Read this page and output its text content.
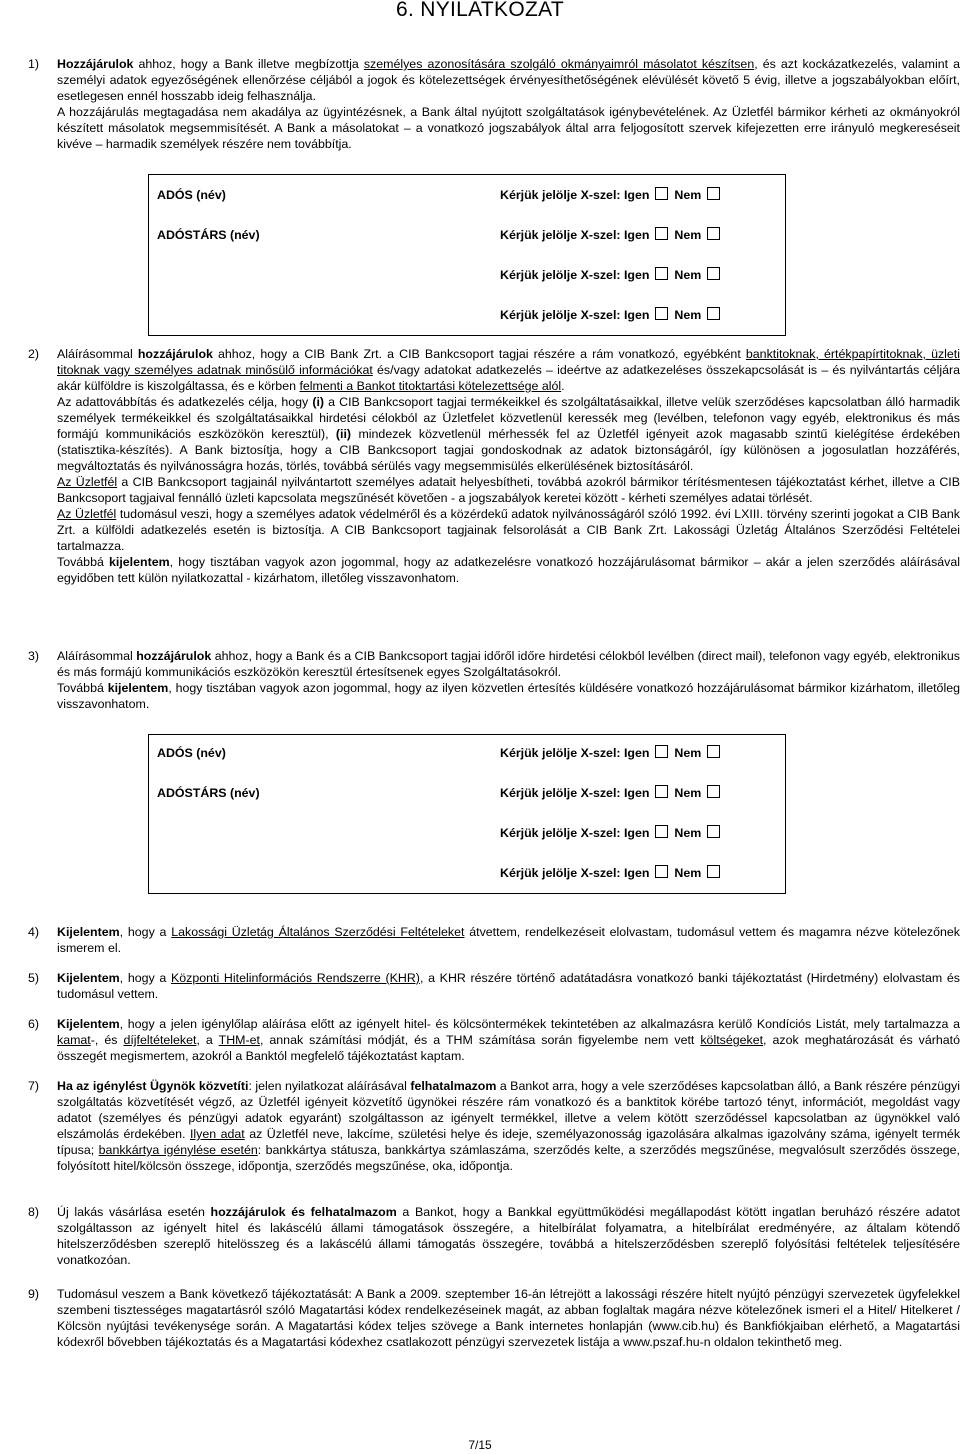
6. NYILATKOZAT
1) Hozzájárulok ahhoz, hogy a Bank illetve megbízottja személyes azonosítására szolgáló okmányaimról másolatot készítsen, és azt kockázatkezelés, valamint a személyi adatok egyezőségének ellenőrzése céljából a jogok és kötelezettségek érvényesíthetőségének elévülését követő 5 évig, illetve a jogszabályokban előírt, esetlegesen ennél hosszabb ideig felhasználja.

A hozzájárulás megtagadása nem akadálya az ügyintézésnek, a Bank által nyújtott szolgáltatások igénybevételének. Az Üzletfél bármikor kérheti az okmányokról készített másolatok megsemmisítését. A Bank a másolatokat – a vonatkozó jogszabályok által arra feljogosított szervek kifejezetten erre irányuló megkereséseit kivéve – harmadik személyek részére nem továbbítja.

ADÓS (név)	Kérjük jelölje X-szel: Igen Nem
ADÓSTÁRS (név)	Kérjük jelölje X-szel: Igen Nem
Kérjük jelölje X-szel: Igen Nem
Kérjük jelölje X-szel: Igen Nem
2) Aláírásommal hozzájárulok ahhoz, hogy a CIB Bank Zrt. a CIB Bankcsoport tagjai részére a rám vonatkozó, egyébként banktitoknak, értékpapírtitoknak, üzleti titoknak vagy személyes adatnak minősülő információkat és/vagy adatokat adatkezelés – ideértve az adatkezeléses összekapcsolását is – és nyilvántartás céljára akár külföldre is kiszolgáltassa, és e körben felmenti a Bankot titoktartási kötelezettsége alól.

Az adattovábbítás és adatkezelés célja, hogy (i) a CIB Bankcsoport tagjai termékeikkel és szolgáltatásaikkal, illetve velük szerződéses kapcsolatban álló harmadik személyek termékeikkel és szolgáltatásaikkal hirdetési célokból az Üzletfelet közvetlenül keressék meg (levélben, telefonon vagy egyéb, elektronikus és más formájú kommunikációs eszközökön keresztül), (ii) mindezek közvetlenül mérhessék fel az Üzletfél igényeit azok magasabb szintű kielégítése érdekében (statisztika-készítés). A Bank biztosítja, hogy a CIB Bankcsoport tagjai gondoskodnak az adatok biztonságáról, így különösen a jogosulatlan hozzáférés, megváltoztatás és nyilvánosságra hozás, törlés, továbbá sérülés vagy megsemmisülés elkerülésének biztosításáról.

Az Üzletfél a CIB Bankcsoport tagjainál nyilvántartott személyes adatait helyesbítheti, továbbá azokról bármikor térítésmentesen tájékoztatást kérhet, illetve a CIB Bankcsoport tagjaival fennálló üzleti kapcsolata megszűnését követően - a jogszabályok keretei között - kérheti személyes adatai törlését.

Az Üzletfél tudomásul veszi, hogy a személyes adatok védelméről és a közérdekű adatok nyilvánosságáról szóló 1992. évi LXIII. törvény szerinti jogokat a CIB Bank Zrt. a külföldi adatkezelés esetén is biztosítja. A CIB Bankcsoport tagjainak felsorolását a CIB Bank Zrt. Lakossági Üzletág Általános Szerződési Feltételei tartalmazza.

Továbbá kijelentem, hogy tisztában vagyok azon jogommal, hogy az adatkezelésre vonatkozó hozzájárulásomat bármikor – akár a jelen szerződés aláírásával egyidőben tett külön nyilatkozattal - kizárhatom, illetőleg visszavonhatom.

3) Aláírásommal hozzájárulok ahhoz, hogy a Bank és a CIB Bankcsoport tagjai időről időre hirdetési célokból levélben (direct mail), telefonon vagy egyéb, elektronikus és más formájú kommunikációs eszközökön keresztül értesítsenek egyes Szolgáltatásokról.

Továbbá kijelentem, hogy tisztában vagyok azon jogommal, hogy az ilyen közvetlen értesítés küldésére vonatkozó hozzájárulásomat bármikor kizárhatom, illetőleg visszavonhatom.

ADÓS (név)	Kérjük jelölje X-szel: Igen Nem
ADÓSTÁRS (név)	Kérjük jelölje X-szel: Igen Nem
Kérjük jelölje X-szel: Igen Nem
Kérjük jelölje X-szel: Igen Nem
4) Kijelentem, hogy a Lakossági Üzletág Általános Szerződési Feltételeket átvettem, rendelkezéseit elolvastam, tudomásul vettem és magamra nézve kötelezőnek ismerem el.

5) Kijelentem, hogy a Központi Hitelinformációs Rendszerre (KHR), a KHR részére történő adatátadásra vonatkozó banki tájékoztatást (Hirdetmény) elolvastam és tudomásul vettem.

6) Kijelentem, hogy a jelen igénylőlap aláírása előtt az igényelt hitel- és kölcsöntermékek tekintetében az alkalmazásra kerülő Kondíciós Listát, mely tartalmazza a kamat-, és díjfeltételeket, a THM-et, annak számítási módját, és a THM számítása során figyelembe nem vett költségeket, azok meghatározását és várható összegét megismertem, azokról a Banktól megfelelő tájékoztatást kaptam.

7) Ha az igénylést Ügynök közvetíti: jelen nyilatkozat aláírásával felhatalmazom a Bankot arra, hogy a vele szerződéses kapcsolatban álló, a Bank részére pénzügyi szolgáltatás közvetítését végző, az Üzletfél igényeit közvetítő ügynökei részére rám vonatkozó és a banktitok körébe tartozó tényt, információt, megoldást vagy adatot (személyes és pénzügyi adatok egyaránt) szolgáltasson az igényelt termékkel, illetve a velem kötött szerződéssel kapcsolatban az ügynökkel való elszámolás érdekében. Ilyen adat az Üzletfél neve, lakcíme, születési helye és ideje, személyazonosság igazolására alkalmas igazolvány száma, igényelt termék típusa; bankkártya igénylése esetén: bankkártya státusza, bankkártya számlaszáma, szerződés kelte, a szerződés megszűnése, megvalósult szerződés összege, folyósított hitel/kölcsön összege, időpontja, szerződés megszűnése, oka, időpontja.

8) Új lakás vásárlása esetén hozzájárulok és felhatalmazom a Bankot, hogy a Bankkal együttműködési megállapodást kötött ingatlan beruházó részére adatot szolgáltasson az igényelt hitel és lakáscélú állami támogatások összegére, a hitelbírálat folyamatra, a hitelbírálat eredményére, az általam kötendő hitelszerződésben szereplő hitelösszeg és a lakáscélú állami támogatás összegére, továbbá a hitelszerződésben szereplő folyósítási feltételek teljesítésére vonatkozóan.

9) Tudomásul veszem a Bank következő tájékoztatását: A Bank a 2009. szeptember 16-án létrejött a lakossági részére hitelt nyújtó pénzügyi szervezetek ügyfelekkel szembeni tisztességes magatartásról szóló Magatartási kódex rendelkezéseinek magát, az abban foglaltak magára nézve kötelezőnek ismeri el a Hitel/ Hitelkeret / Kölcsön nyújtási tevékenysége során. A Magatartási kódex teljes szövege a Bank internetes honlapján (www.cib.hu) és Bankfiókjaiban elérhető, a Magatartási kódexről bővebben tájékoztatás és a Magatartási kódexhez csatlakozott pénzügyi szervezetek listája a www.pszaf.hu-n oldalon tekinthető meg.

7/15
